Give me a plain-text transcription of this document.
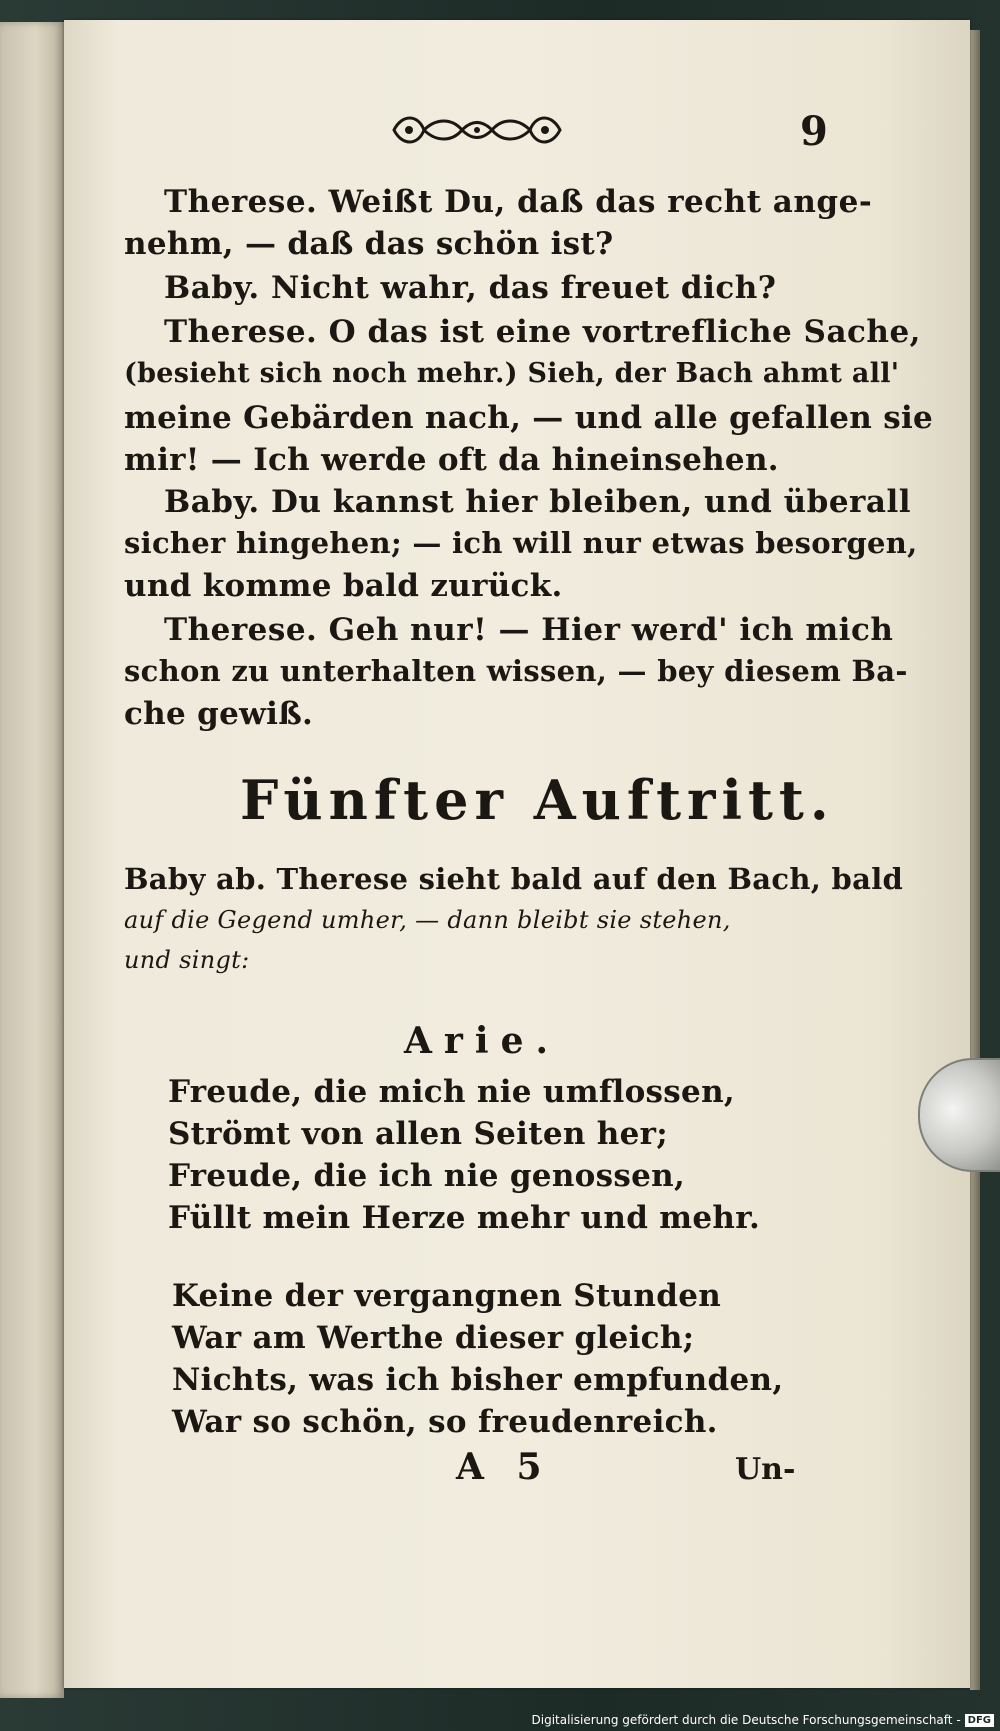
9
Therese. Weißt Du, daß das recht ange-
nehm, — daß das schön ist?
Baby. Nicht wahr, das freuet dich?
Therese. O das ist eine vortrefliche Sache,
(besieht sich noch mehr.) Sieh, der Bach ahmt all'
meine Gebärden nach, — und alle gefallen sie
mir! — Ich werde oft da hineinsehen.
Baby. Du kannst hier bleiben, und überall
sicher hingehen; — ich will nur etwas besorgen,
und komme bald zurück.
Therese. Geh nur! — Hier werd' ich mich
schon zu unterhalten wissen, — bey diesem Ba-
che gewiß.
Fünfter Auftritt.
Baby ab. Therese sieht bald auf den Bach, bald
auf die Gegend umher, — dann bleibt sie stehen,
und singt:
Arie.
Freude, die mich nie umflossen,
Strömt von allen Seiten her;
Freude, die ich nie genossen,
Füllt mein Herze mehr und mehr.
Keine der vergangnen Stunden
War am Werthe dieser gleich;
Nichts, was ich bisher empfunden,
War so schön, so freudenreich.
A 5	Un-
Digitalisierung gefördert durch die Deutsche Forschungsgemeinschaft - DFG
